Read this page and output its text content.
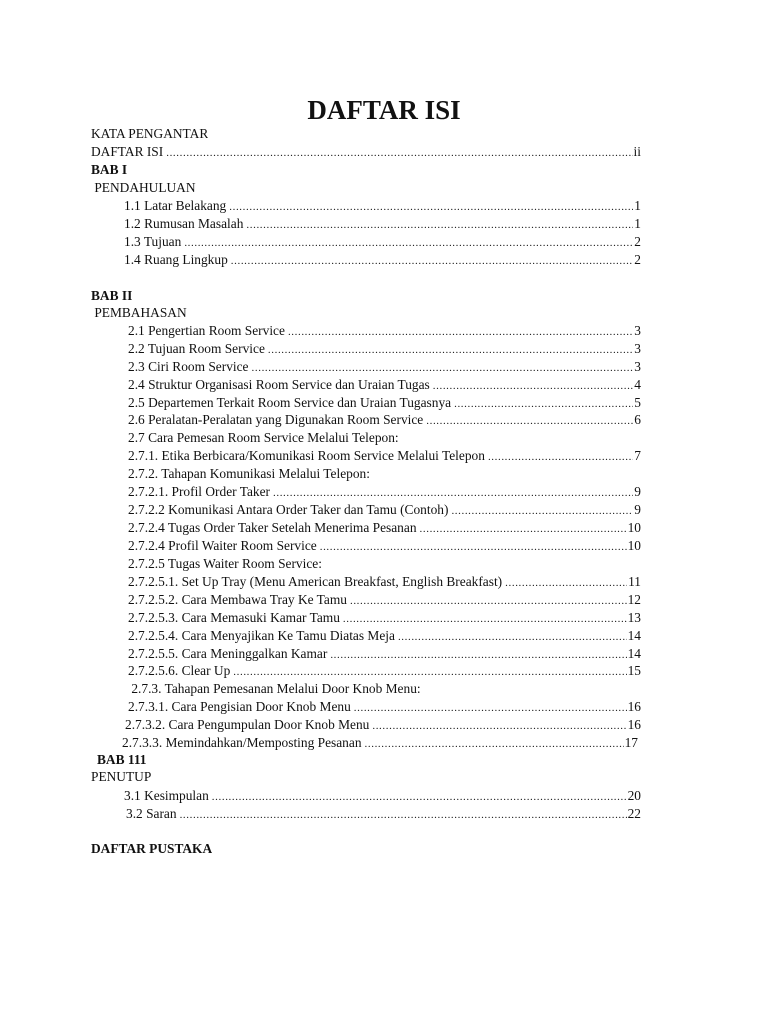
DAFTAR ISI
KATA PENGANTAR
DAFTAR ISI .....	ii
BAB I
PENDAHULUAN
1.1 Latar Belakang .....	1
1.2 Rumusan Masalah .....	1
1.3 Tujuan .....	2
1.4 Ruang Lingkup .....	2
BAB II
PEMBAHASAN
2.1 Pengertian Room Service .....	3
2.2 Tujuan Room Service .....	3
2.3 Ciri Room Service .....	3
2.4 Struktur Organisasi Room Service dan Uraian Tugas .....	4
2.5 Departemen Terkait Room Service dan Uraian Tugasnya .....	5
2.6 Peralatan-Peralatan yang Digunakan Room Service .....	6
2.7 Cara Pemesan Room Service Melalui Telepon:
2.7.1. Etika Berbicara/Komunikasi Room Service Melalui Telepon .....	7
2.7.2. Tahapan Komunikasi Melalui Telepon:
2.7.2.1. Profil Order Taker .....	9
2.7.2.2 Komunikasi Antara Order Taker dan Tamu (Contoh) .....	9
2.7.2.4 Tugas Order Taker Setelah Menerima Pesanan .....	10
2.7.2.4 Profil Waiter Room Service .....	10
2.7.2.5 Tugas Waiter Room Service:
2.7.2.5.1. Set Up Tray (Menu American Breakfast, English Breakfast) .....	11
2.7.2.5.2. Cara Membawa Tray Ke Tamu .....	12
2.7.2.5.3. Cara Memasuki Kamar Tamu .....	13
2.7.2.5.4. Cara Menyajikan Ke Tamu Diatas Meja .....	14
2.7.2.5.5. Cara Meninggalkan Kamar .....	14
2.7.2.5.6. Clear Up .....	15
2.7.3. Tahapan Pemesanan Melalui Door Knob Menu:
2.7.3.1. Cara Pengisian Door Knob Menu .....	16
2.7.3.2. Cara Pengumpulan Door Knob Menu .....	16
2.7.3.3. Memindahkan/Memposting Pesanan .....	17
BAB 111
PENUTUP
3.1 Kesimpulan .....	20
3.2 Saran .....	22
DAFTAR PUSTAKA
